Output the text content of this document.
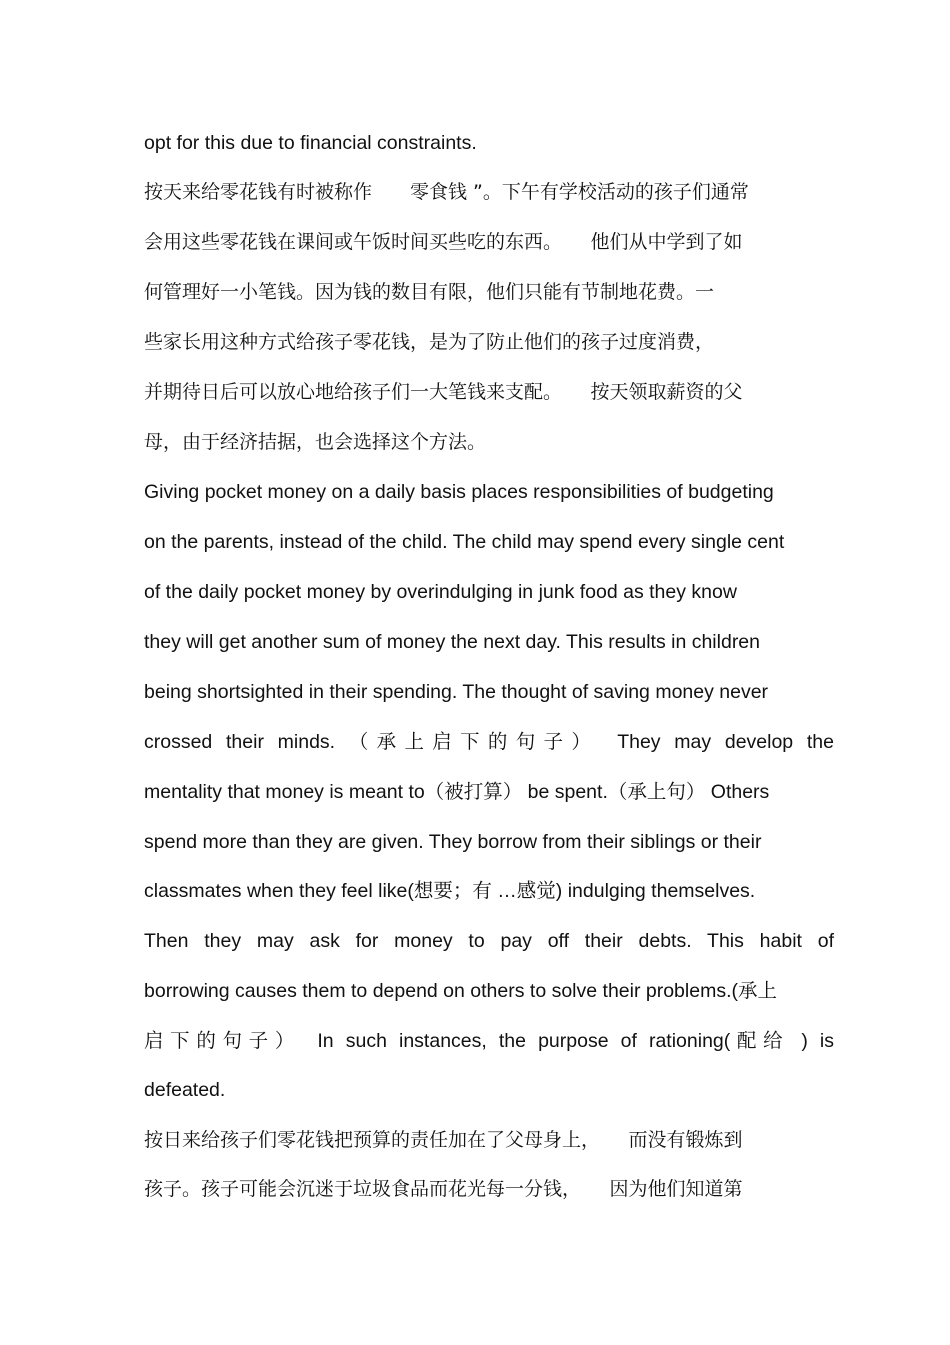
opt for this due to financial constraints.
按天来给零花钱有时被称作　　零食钱 ”。下午有学校活动的孩子们通常
会用这些零花钱在课间或午饭时间买些吃的东西。　　他们从中学到了如
何管理好一小笔钱。因为钱的数目有限，他们只能有节制地花费。一
些家长用这种方式给孩子零花钱，是为了防止他们的孩子过度消费，
并期待日后可以放心地给孩子们一大笔钱来支配。　　按天领取薪资的父
母，由于经济拮据，也会选择这个方法。
Giving pocket money on a daily basis places responsibilities of budgeting
on the parents, instead of the child. The child may spend every single cent
of the daily pocket money by overindulging in junk food as they know
they will get another sum of money the next day. This results in children
being shortsighted in their spending. The thought of saving money never
crossed their minds. （承上启下的句子）　They may develop the
mentality that money is meant to（被打算） be spent.（承上句） Others
spend more than they are given. They borrow from their siblings or their
classmates when they feel like(想要；有 …感觉) indulging themselves.
Then they may ask for money to pay off their debts. This habit of
borrowing causes them to depend on others to solve their problems.(承上
启下的句子）　In such instances, the purpose of rationing(配给 ) is
defeated.
按日来给孩子们零花钱把预算的责任加在了父母身上，　　而没有锻炼到
孩子。孩子可能会沉迷于垃圾食品而花光每一分钱，　　因为他们知道第
